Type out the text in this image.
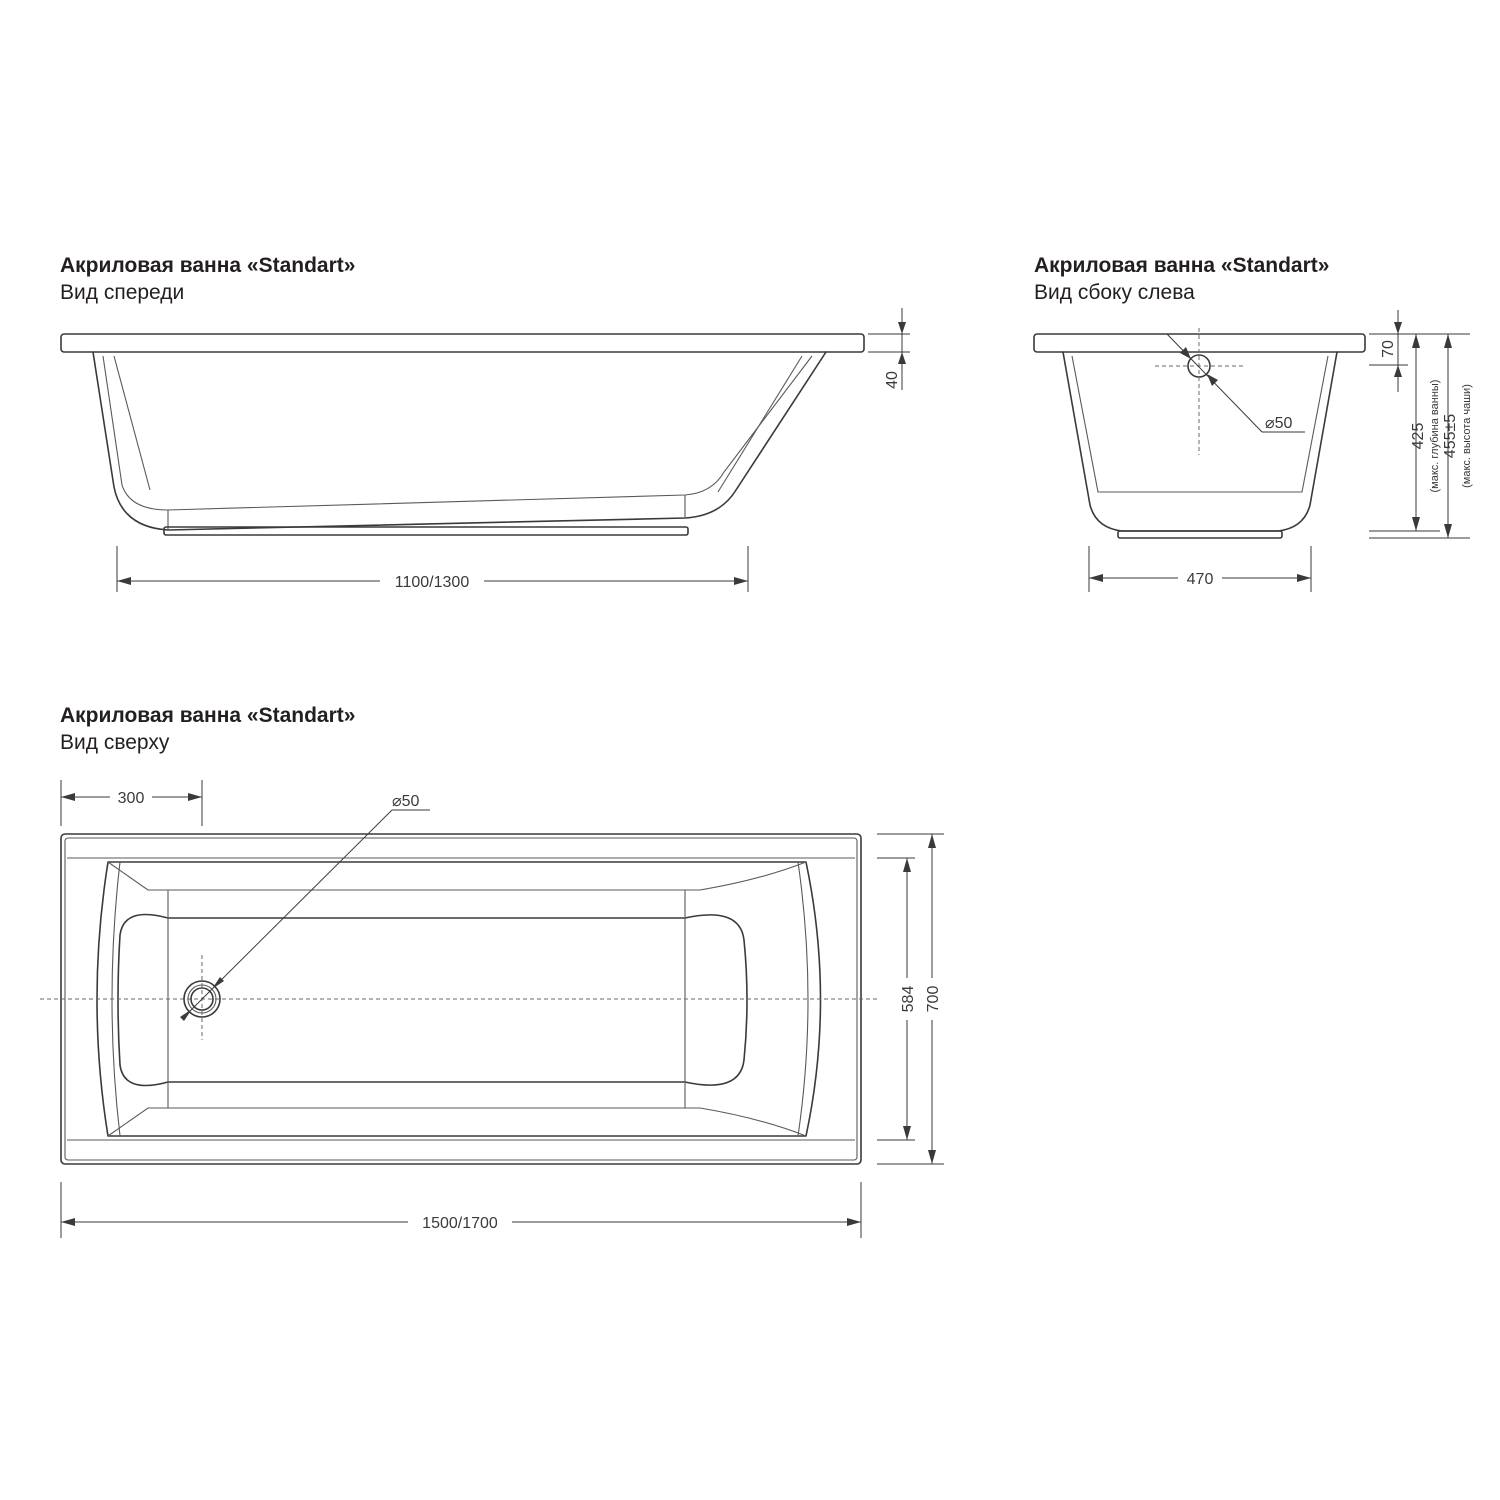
Акриловая ванна «Standart»
Вид спереди
Акриловая ванна «Standart»
Вид сбоку слева
Акриловая ванна «Standart»
Вид сверху
40
1100/1300
⌀50
470
70
425 (макс. глубина ванны) 455±5 (макс. высота чаши)
⌀50
300
584 700
1500/1700
